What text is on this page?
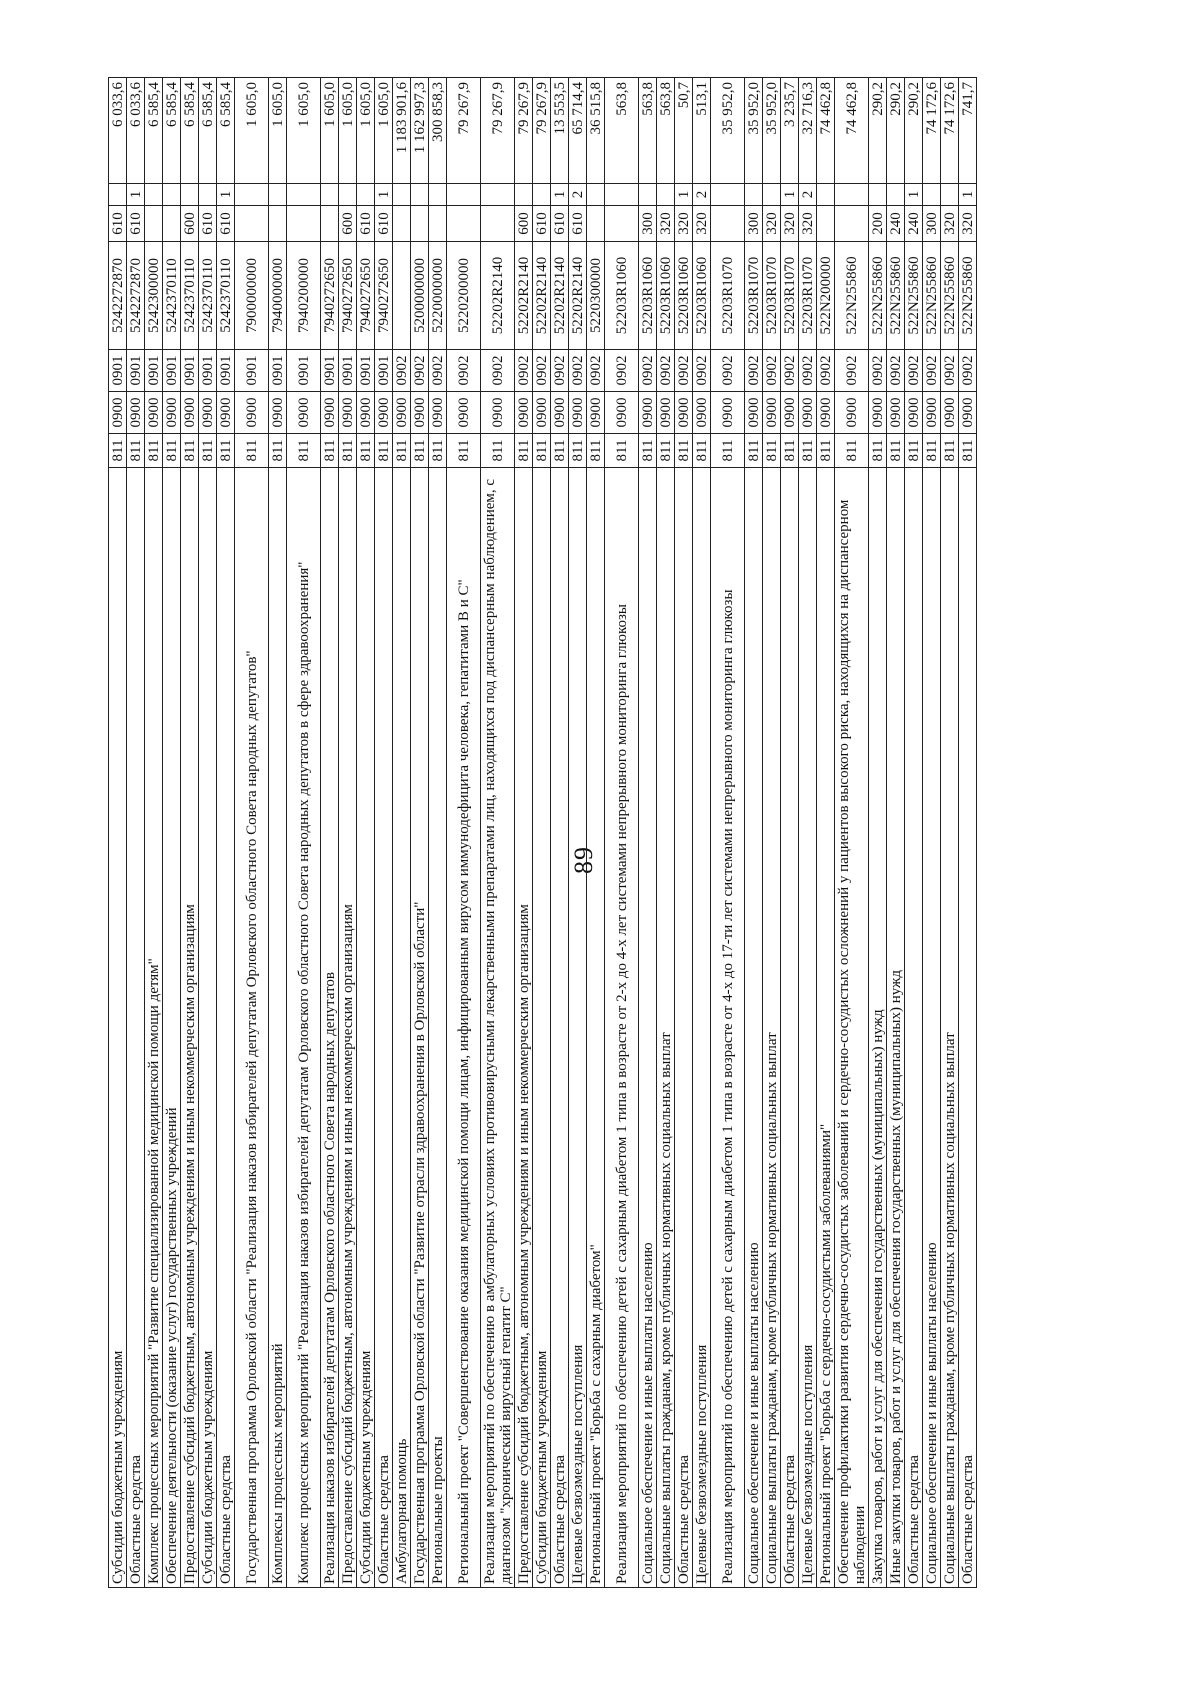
89
Субсидии бюджетным учреждениям	811	0900	0901	5242272870	610		6 033,6
Областные средства	811	0900	0901	5242272870	610	1	6 033,6
Комплекс процессных мероприятий "Развитие специализированной медицинской помощи детям"	811	0900	0901	5242300000			6 585,4
Обеспечение деятельности (оказание услуг) государственных учреждений	811	0900	0901	5242370110			6 585,4
Предоставление субсидий бюджетным, автономным учреждениям и иным некоммерческим организациям	811	0900	0901	5242370110	600		6 585,4
Субсидии бюджетным учреждениям	811	0900	0901	5242370110	610		6 585,4
Областные средства	811	0900	0901	5242370110	610	1	6 585,4
Государственная программа Орловской области "Реализация наказов избирателей депутатам Орловского областного Совета народных депутатов"	811	0900	0901	7900000000			1 605,0
Комплексы процессных мероприятий	811	0900	0901	7940000000			1 605,0
Комплекс процессных мероприятий "Реализация наказов избирателей депутатам Орловского областного Совета народных депутатов в сфере здравоохранения"	811	0900	0901	7940200000			1 605,0
Реализация наказов избирателей депутатам Орловского областного Совета народных депутатов	811	0900	0901	7940272650			1 605,0
Предоставление субсидий бюджетным, автономным учреждениям и иным некоммерческим организациям	811	0900	0901	7940272650	600		1 605,0
Субсидии бюджетным учреждениям	811	0900	0901	7940272650	610		1 605,0
Областные средства	811	0900	0901	7940272650	610	1	1 605,0
Амбулаторная помощь	811	0900	0902				1 183 901,6
Государственная программа Орловской области "Развитие отрасли здравоохранения в Орловской области"	811	0900	0902	5200000000			1 162 997,3
Региональные проекты	811	0900	0902	5220000000			300 858,3
Региональный проект "Совершенствование оказания медицинской помощи лицам, инфицированным вирусом иммунодефицита человека, гепатитами В и С"	811	0900	0902	5220200000			79 267,9
Реализация мероприятий по обеспечению в амбулаторных условиях противовирусными лекарственными препаратами лиц, находящихся под диспансерным наблюдением, с диагнозом "хронический вирусный гепатит С"	811	0900	0902	52202R2140			79 267,9
Предоставление субсидий бюджетным, автономным учреждениям и иным некоммерческим организациям	811	0900	0902	52202R2140	600		79 267,9
Субсидии бюджетным учреждениям	811	0900	0902	52202R2140	610		79 267,9
Областные средства	811	0900	0902	52202R2140	610	1	13 553,5
Целевые безвозмездные поступления	811	0900	0902	52202R2140	610	2	65 714,4
Региональный проект "Борьба с сахарным диабетом"	811	0900	0902	5220300000			36 515,8
Реализация мероприятий по обеспечению детей с сахарным диабетом 1 типа в возрасте от 2-х до 4-х лет системами непрерывного мониторинга глюкозы	811	0900	0902	52203R1060			563,8
Социальное обеспечение и иные выплаты населению	811	0900	0902	52203R1060	300		563,8
Социальные выплаты гражданам, кроме публичных нормативных социальных выплат	811	0900	0902	52203R1060	320		563,8
Областные средства	811	0900	0902	52203R1060	320	1	50,7
Целевые безвозмездные поступления	811	0900	0902	52203R1060	320	2	513,1
Реализация мероприятий по обеспечению детей с сахарным диабетом 1 типа в возрасте от 4-х до 17-ти лет системами непрерывного мониторинга глюкозы	811	0900	0902	52203R1070			35 952,0
Социальное обеспечение и иные выплаты населению	811	0900	0902	52203R1070	300		35 952,0
Социальные выплаты гражданам, кроме публичных нормативных социальных выплат	811	0900	0902	52203R1070	320		35 952,0
Областные средства	811	0900	0902	52203R1070	320	1	3 235,7
Целевые безвозмездные поступления	811	0900	0902	52203R1070	320	2	32 716,3
Региональный проект "Борьба с сердечно-сосудистыми заболеваниями"	811	0900	0902	522N200000			74 462,8
Обеспечение профилактики развития сердечно-сосудистых заболеваний и сердечно-сосудистых осложнений у пациентов высокого риска, находящихся на диспансерном наблюдении	811	0900	0902	522N255860			74 462,8
Закупка товаров, работ и услуг для обеспечения государственных (муниципальных) нужд	811	0900	0902	522N255860	200		290,2
Иные закупки товаров, работ и услуг для обеспечения государственных (муниципальных) нужд	811	0900	0902	522N255860	240		290,2
Областные средства	811	0900	0902	522N255860	240	1	290,2
Социальное обеспечение и иные выплаты населению	811	0900	0902	522N255860	300		74 172,6
Социальные выплаты гражданам, кроме публичных нормативных социальных выплат	811	0900	0902	522N255860	320		74 172,6
Областные средства	811	0900	0902	522N255860	320	1	741,7
